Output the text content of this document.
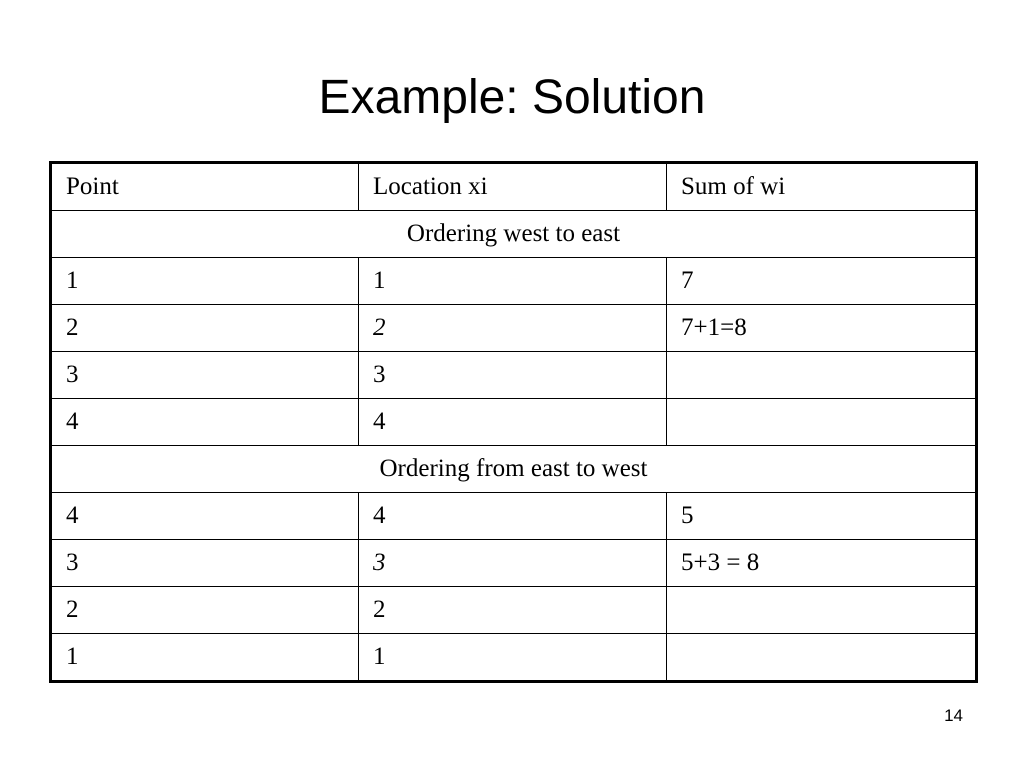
Example: Solution
Point	Location xi	Sum of wi
Ordering west to east		
1	1	7
2	2	7+1=8
3	3	
4	4	
Ordering from east to west		
4	4	5
3	3	5+3 = 8
2	2	
1	1	
14
